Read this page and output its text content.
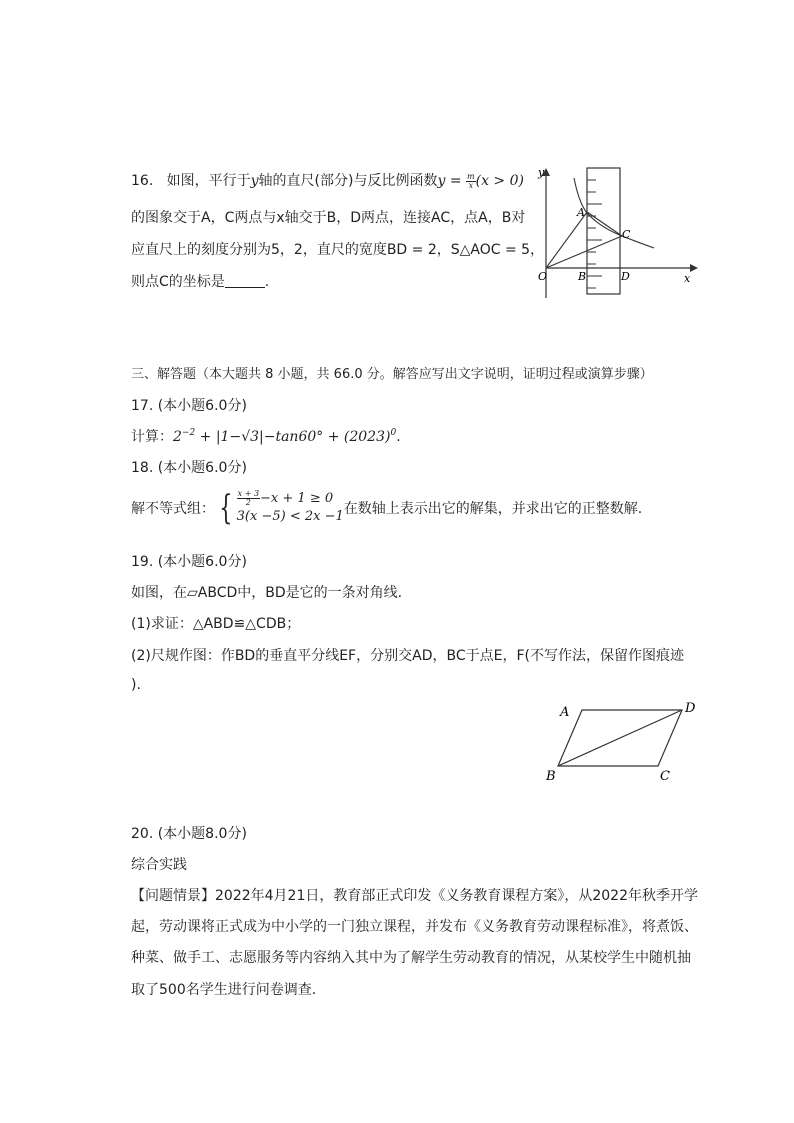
16. 如图，平行于y轴的直尺(部分)与反比例函数$y = \frac{m}{x} (x > 0)$
的图象交于A，C两点与x轴交于B，D两点，连接AC，点A，B对
应直尺上的刻度分别为5，2，直尺的宽度BD = 2，S△AOC = 5，
则点C的坐标是	.
y
x
O
A
B
C
D
三、解答题（本大题共 8 小题，共 66.0 分。解答应写出文字说明，证明过程或演算步骤）
17. (本小题6.0分)
计算：$2^{-2} + |1-√3|-\tan 60^\circ + (2023)^0$.
18. (本小题6.0分)
解不等式组： { $\frac{x + 3}{2} -x + 1 \ge 0$
3(x −5) < 2x −1 在数轴上表示出它的解集，并求出它的正整数解.
19. (本小题6.0分)
如图，在▱ABCD中，BD是它的一条对角线.
(1)求证：△ABD≌△CDB；
(2)尺规作图：作BD的垂直平分线EF，分别交AD，BC于点E，F(不写作法，保留作图痕迹
).
A
B	C
D
20. (本小题8.0分)
综合实践
【问题情景】2022年4月21日，教育部正式印发《义务教育课程方案》，从2022年秋季开学
起，劳动课将正式成为中小学的一门独立课程，并发布《义务教育劳动课程标准》，将煮饭、
种菜、做手工、志愿服务等内容纳入其中为了解学生劳动教育的情况，从某校学生中随机抽
取了500名学生进行问卷调查.
